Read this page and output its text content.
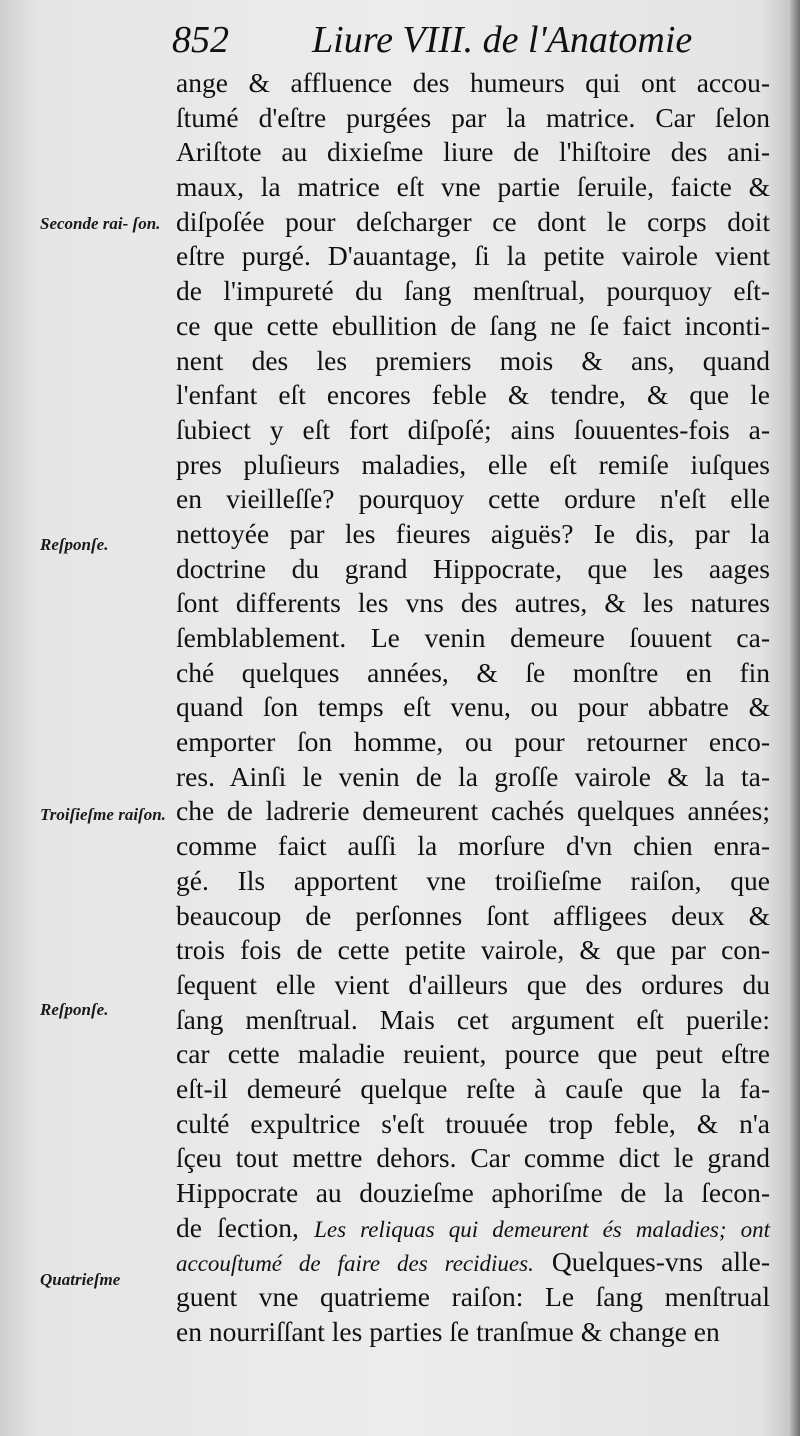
852 Liure VIII. de l'Anatomie
Seconde rai- ſon.
Reſponſe.
Troiſieſme raiſon.
Reſponſe.
Quatrieſme
ange & affluence des humeurs qui ont accou-
ſtumé d'eſtre purgées par la matrice. Car ſelon
Ariſtote au dixieſme liure de l'hiſtoire des ani-
maux, la matrice eſt vne partie ſeruile, faicte &
diſpoſée pour deſcharger ce dont le corps doit
eſtre purgé. D'auantage, ſi la petite vairole vient
de l'impureté du ſang menſtrual, pourquoy eſt-
ce que cette ebullition de ſang ne ſe faict inconti-
nent des les premiers mois & ans, quand
l'enfant eſt encores feble & tendre, & que le
ſubiect y eſt fort diſpoſé; ains ſouuentes-fois a-
pres pluſieurs maladies, elle eſt remiſe iuſques
en vieilleſſe? pourquoy cette ordure n'eſt elle
nettoyée par les fieures aiguës? Ie dis, par la
doctrine du grand Hippocrate, que les aages
ſont differents les vns des autres, & les natures
ſemblablement. Le venin demeure ſouuent ca-
ché quelques années, & ſe monſtre en fin
quand ſon temps eſt venu, ou pour abbatre &
emporter ſon homme, ou pour retourner enco-
res. Ainſi le venin de la groſſe vairole & la ta-
che de ladrerie demeurent cachés quelques années;
comme faict auſſi la morſure d'vn chien enra-
gé. Ils apportent vne troiſieſme raiſon, que
beaucoup de perſonnes ſont affligees deux &
trois fois de cette petite vairole, & que par con-
ſequent elle vient d'ailleurs que des ordures du
ſang menſtrual. Mais cet argument eſt puerile:
car cette maladie reuient, pource que peut eſtre
eſt-il demeuré quelque reſte à cauſe que la fa-
culté expultrice s'eſt trouuée trop feble, & n'a
ſçeu tout mettre dehors. Car comme dict le grand
Hippocrate au douzieſme aphoriſme de la ſecon-
de ſection, Les reliquas qui demeurent és maladies; ont
accouſtumé de faire des recidiues. Quelques-vns alle-
guent vne quatrieme raiſon: Le ſang menſtrual
en nourriſſant les parties ſe tranſmue & change en
